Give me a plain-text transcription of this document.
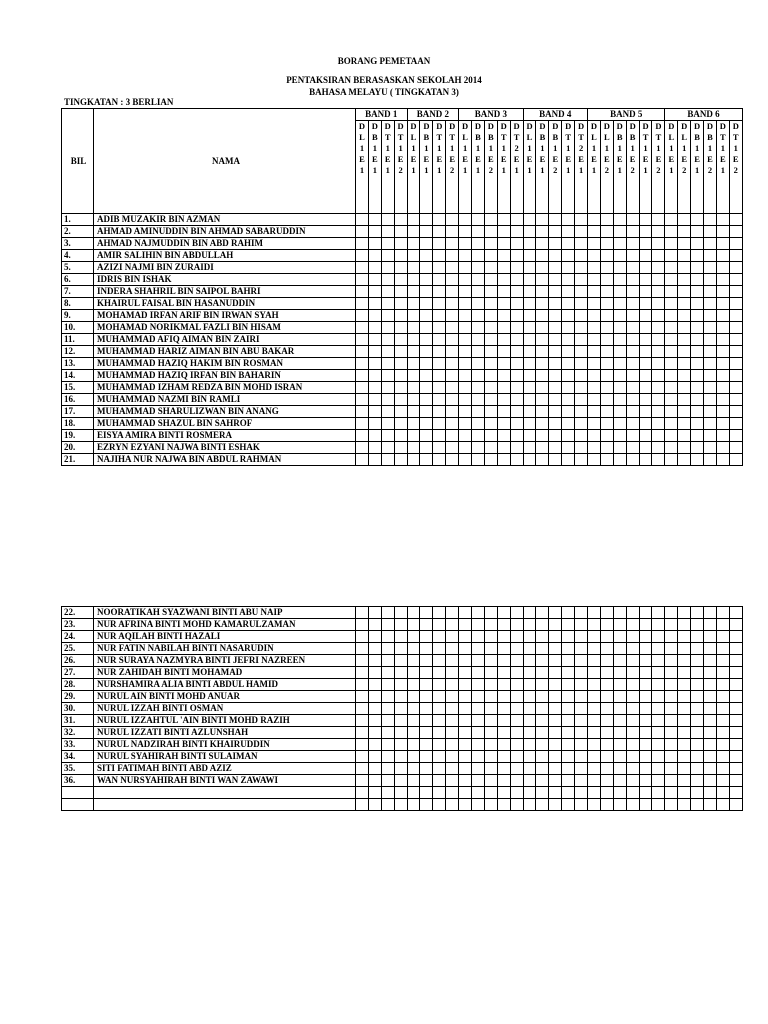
BORANG PEMETAAN
PENTAKSIRAN BERASASKAN SEKOLAH 2014
BAHASA MELAYU ( TINGKATAN 3)
TINGKATAN : 3 BERLIAN
BIL	NAMA	BAND 1				BAND 2				BAND 3					BAND 4					BAND 5						BAND 6					

		DL1E1	DB1E1	DT1E1	DT1E2	DL1E1	DB1E1	DT1E1	DT1E2	DL1E1	DB1E1	DB1E2	DT1E1	DT2E1	DL1E1	DB1E1	DB1E2	DT1E1	DT2E1	DL1E1	DL1E2	DB1E1	DB1E2	DT1E1	DT1E2	DL1E1	DL1E2	DB1E1	DB1E2	DT1E1	DT1E2

1.	ADIB MUZAKIR BIN AZMAN																														
2.	AHMAD AMINUDDIN BIN AHMAD SABARUDDIN																														
3.	AHMAD NAJMUDDIN BIN ABD RAHIM																														
4.	AMIR SALIHIN BIN ABDULLAH																														
5.	AZIZI NAJMI BIN ZURAIDI																														
6.	IDRIS BIN ISHAK																														
7.	INDERA SHAHRIL BIN SAIPOL BAHRI																														
8.	KHAIRUL FAISAL BIN HASANUDDIN																														
9.	MOHAMAD IRFAN ARIF BIN IRWAN SYAH																														
10.	MOHAMAD NORIKMAL FAZLI BIN HISAM																														
11.	MUHAMMAD AFIQ AIMAN BIN ZAIRI																														
12.	MUHAMMAD HARIZ AIMAN BIN ABU BAKAR																														
13.	MUHAMMAD HAZIQ HAKIM BIN ROSMAN																														
14.	MUHAMMAD HAZIQ IRFAN BIN BAHARIN																														
15.	MUHAMMAD IZHAM REDZA BIN MOHD ISRAN																														
16.	MUHAMMAD NAZMI BIN RAMLI																														
17.	MUHAMMAD SHARULIZWAN BIN ANANG																														
18.	MUHAMMAD SHAZUL BIN SAHROF																														
19.	EISYA AMIRA BINTI ROSMERA																														
20.	EZRYN EZYANI NAJWA BINTI ESHAK																														
21.	NAJIHA NUR NAJWA BIN ABDUL RAHMAN																														
22.	NOORATIKAH SYAZWANI BINTI ABU NAIP																														
23.	NUR AFRINA BINTI MOHD KAMARULZAMAN																														
24.	NUR AQILAH BINTI HAZALI																														
25.	NUR FATIN NABILAH BINTI NASARUDIN																														
26.	NUR SURAYA NAZMYRA BINTI JEFRI NAZREEN																														
27.	NUR ZAHIDAH BINTI MOHAMAD																														
28.	NURSHAMIRA ALIA BINTI ABDUL HAMID																														
29.	NURUL AIN BINTI MOHD ANUAR																														
30.	NURUL IZZAH BINTI OSMAN																														
31.	NURUL IZZAHTUL 'AIN BINTI MOHD RAZIH																														
32.	NURUL IZZATI BINTI AZLUNSHAH																														
33.	NURUL NADZIRAH BINTI KHAIRUDDIN																														
34.	NURUL SYAHIRAH BINTI SULAIMAN																														
35.	SITI FATIMAH BINTI ABD AZIZ																														
36.	WAN NURSYAHIRAH BINTI WAN ZAWAWI																														
